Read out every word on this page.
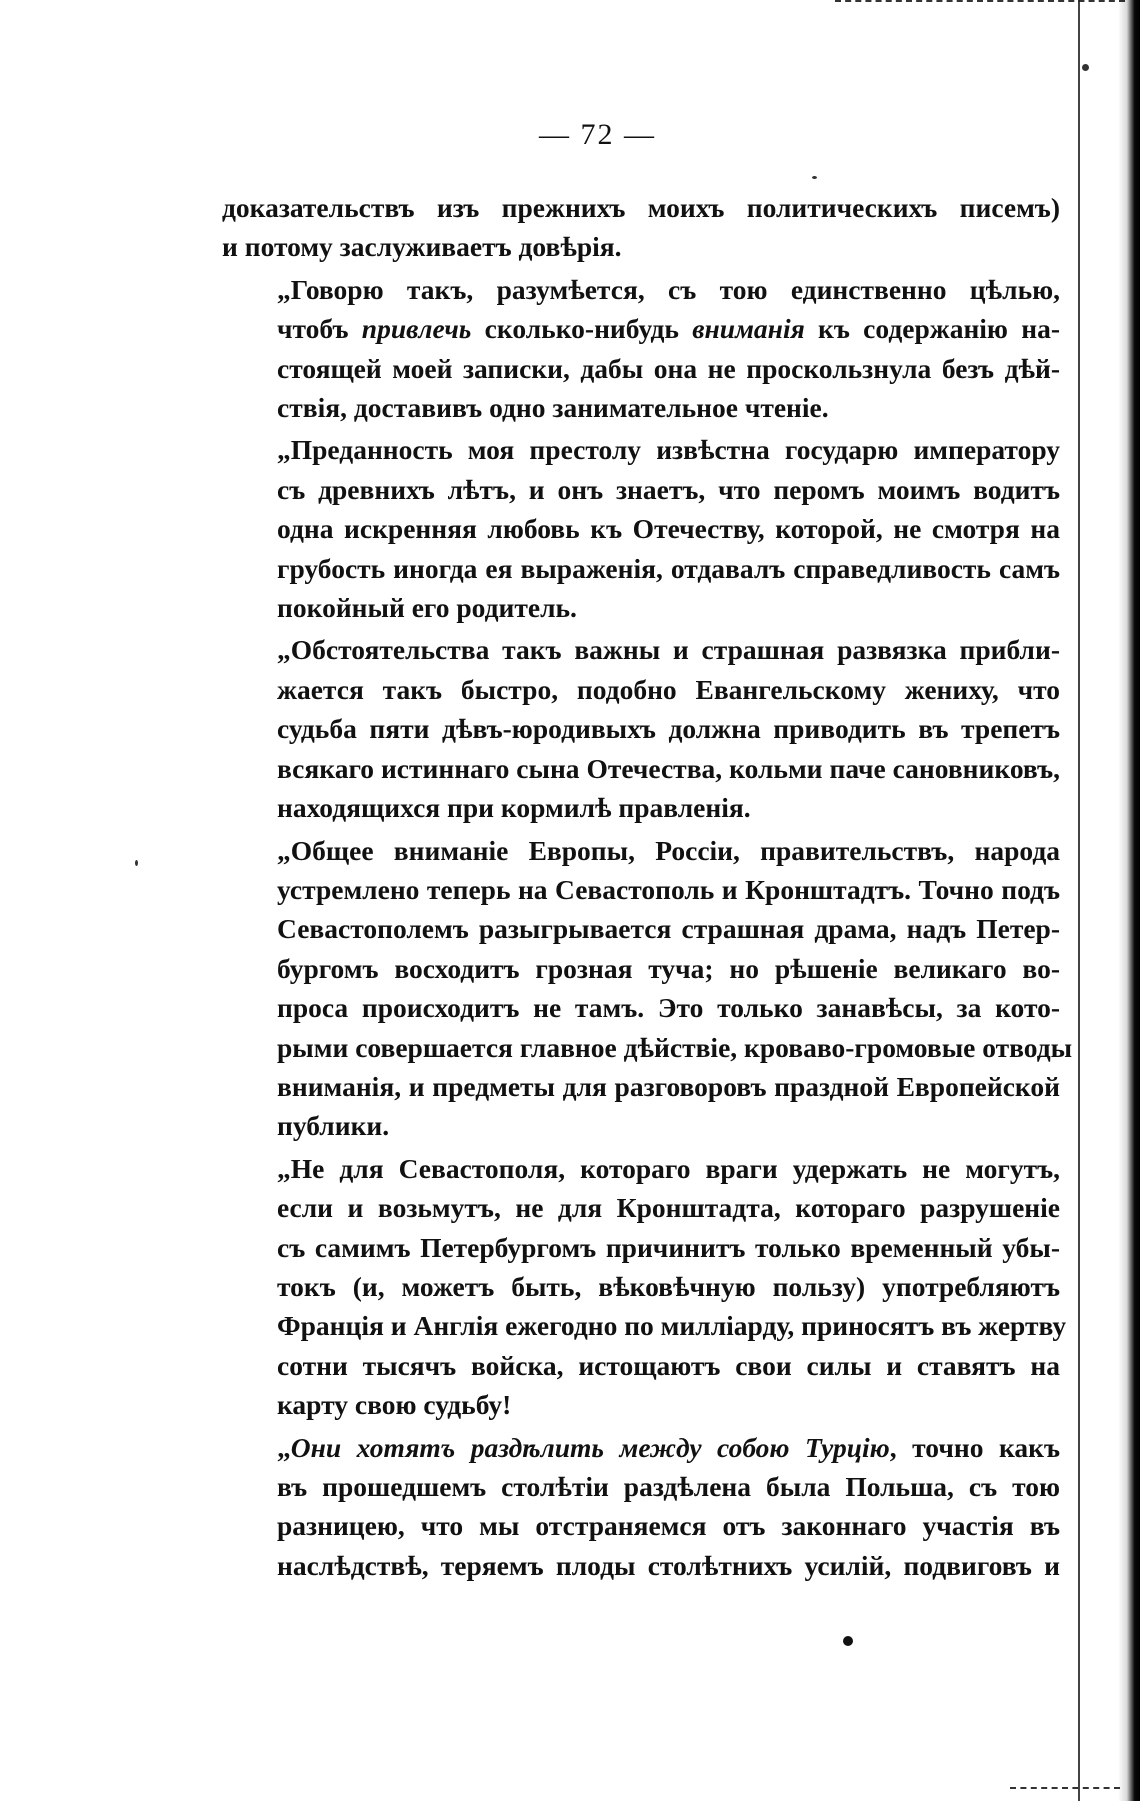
— 72 —

доказательствъ изъ прежнихъ моихъ политическихъ писемъ)
и потому заслуживаетъ довѣрія.

„Говорю такъ, разумѣется, съ тою единственно цѣлью,
чтобъ привлечь сколько-нибудь вниманія къ содержанію на-
стоящей моей записки, дабы она не проскользнула безъ дѣй-
ствія, доставивъ одно занимательное чтеніе.

„Преданность моя престолу извѣстна государю императору
съ древнихъ лѣтъ, и онъ знаетъ, что перомъ моимъ водитъ
одна искренняя любовь къ Отечеству, которой, не смотря на
грубость иногда ея выраженія, отдавалъ справедливость самъ
покойный его родитель.

„Обстоятельства такъ важны и страшная развязка прибли-
жается такъ быстро, подобно Евангельскому жениху, что
судьба пяти дѣвъ-юродивыхъ должна приводить въ трепетъ
всякаго истиннаго сына Отечества, кольми паче сановниковъ,
находящихся при кормилѣ правленія.

„Общее вниманіе Европы, Россіи, правительствъ, народа
устремлено теперь на Севастополь и Кронштадтъ. Точно подъ
Севастополемъ разыгрывается страшная драма, надъ Петер-
бургомъ восходитъ грозная туча; но рѣшеніе великаго во-
проса происходитъ не тамъ. Это только занавѣсы, за кото-
рыми совершается главное дѣйствіе, кроваво-громовые отводы
вниманія, и предметы для разговоровъ праздной Европейской
публики.

„Не для Севастополя, котораго враги удержать не могутъ,
если и возьмутъ, не для Кронштадта, котораго разрушеніе
съ самимъ Петербургомъ причинитъ только временный убы-
токъ (и, можетъ быть, вѣковѣчную пользу) употребляютъ
Франція и Англія ежегодно по милліарду, приносятъ въ жертву
сотни тысячъ войска, истощаютъ свои силы и ставятъ на
карту свою судьбу!

„Они хотятъ раздѣлить между собою Турцію, точно какъ
въ прошедшемъ столѣтіи раздѣлена была Польша, съ тою
разницею, что мы отстраняемся отъ законнаго участія въ
наслѣдствѣ, теряемъ плоды столѣтнихъ усилій, подвиговъ и
